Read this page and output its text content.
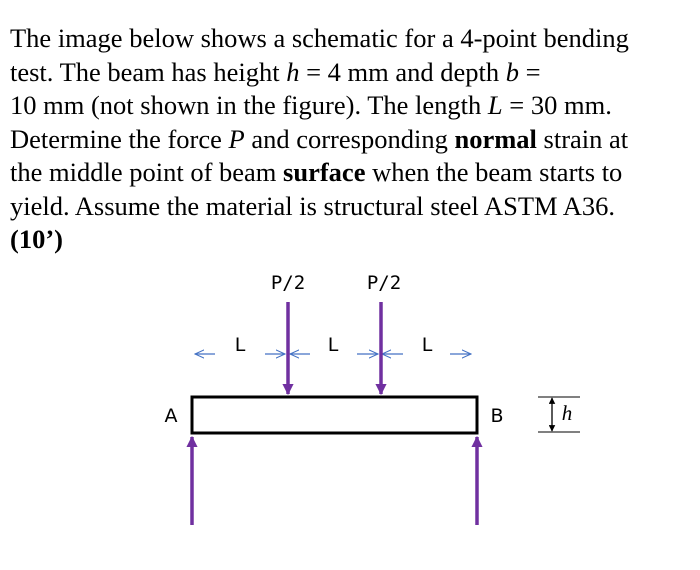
The image below shows a schematic for a 4-point bending
test. The beam has height h = 4 mm and depth b =
10 mm (not shown in the figure). The length L = 30 mm.
Determine the force P and corresponding normal strain at
the middle point of beam surface when the beam starts to
yield. Assume the material is structural steel ASTM A36.
(10’)
P/2	P/2
L	L	L
A	B	h
